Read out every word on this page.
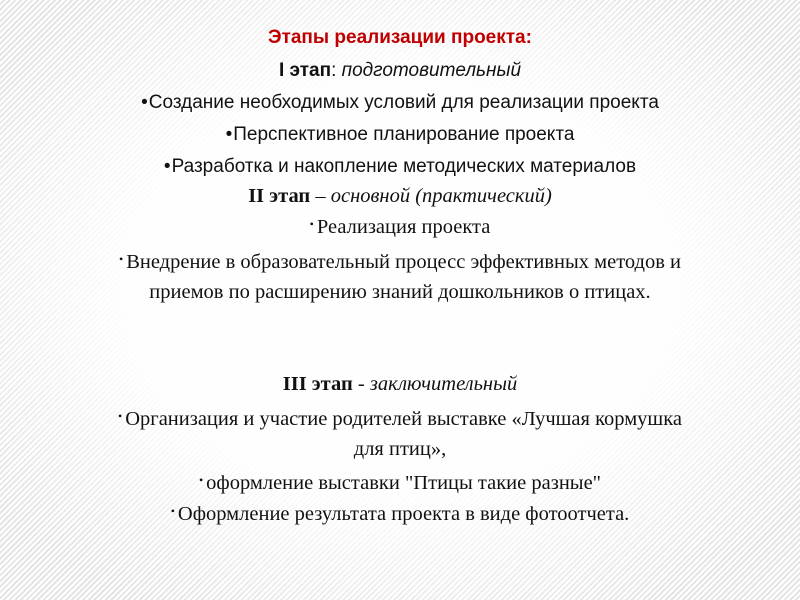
Этапы реализации проекта:
I этап: подготовительный
•Создание необходимых условий для реализации проекта
•Перспективное планирование проекта
•Разработка и накопление методических материалов
II этап – основной (практический)
• Реализация проекта
• Внедрение в образовательный процесс эффективных методов и
приемов по расширению знаний дошкольников о птицах.
III этап - заключительный
• Организация и участие родителей выставке «Лучшая кормушка
для птиц»,
• оформление выставки "Птицы такие разные"
• Оформление результата проекта в виде фотоотчета.
